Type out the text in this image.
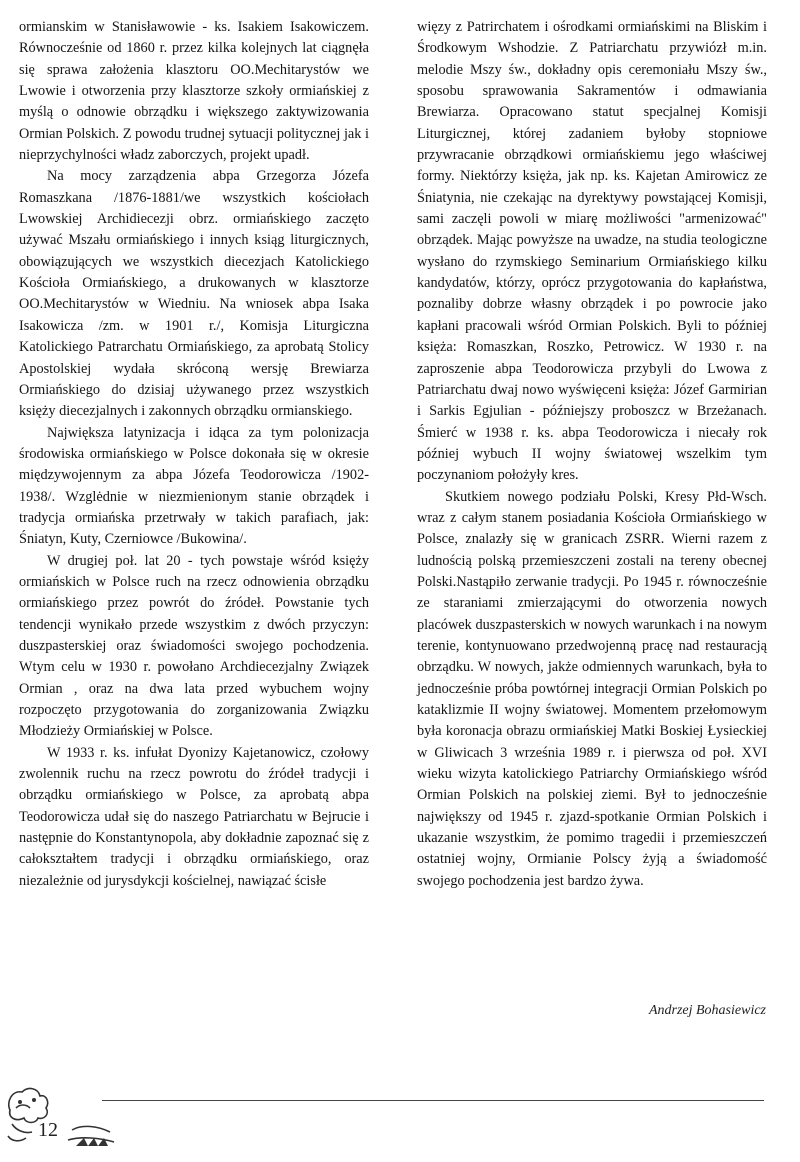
ormianskim w Stanisławowie - ks. Isakiem Isakowiczem. Równocześnie od 1860 r. przez kilka kolejnych lat ciągnęła się sprawa założenia klasztoru OO.Mechitarystów we Lwowie i otworzenia przy klasztorze szkoły ormiańskiej z myślą o odnowie obrządku i większego zaktywizowania Ormian Polskich. Z powodu trudnej sytuacji politycznej jak i nieprzychylności władz zaborczych, projekt upadł.

Na mocy zarządzenia abpa Grzegorza Józefa Romaszkana /1876-1881/we wszystkich kościołach Lwowskiej Archidiecezji obrz. ormiańskiego zaczęto używać Mszału ormiańskiego i innych ksiąg liturgicznych, obowiązujących we wszystkich diecezjach Katolickiego Kościoła Ormiańskiego, a drukowanych w klasztorze OO.Mechitarystów w Wiedniu. Na wniosek abpa Isaka Isakowicza /zm. w 1901 r./, Komisja Liturgiczna Katolickiego Patrarchatu Ormiańskiego, za aprobatą Stolicy Apostolskiej wydała skróconą wersję Brewiarza Ormiańskiego do dzisiaj używanego przez wszystkich księży diecezjalnych i zakonnych obrządku ormianskiego.

Największa latynizacja i idąca za tym polonizacja środowiska ormiańskiego w Polsce dokonała się w okresie międzywojennym za abpa Józefa Teodorowicza /1902-1938/. Wzglėdnie w niezmienionym stanie obrządek i tradycja ormiańska przetrwały w takich parafiach, jak: Śniatyn, Kuty, Czerniowce /Bukowina/.

W drugiej poł. lat 20 - tych powstaje wśród księży ormiańskich w Polsce ruch na rzecz odnowienia obrządku ormiańskiego przez powrót do źródeł. Powstanie tych tendencji wynikało przede wszystkim z dwóch przyczyn: duszpasterskiej oraz świadomości swojego pochodzenia. Wtym celu w 1930 r. powołano Archdiecezjalny Związek Ormian , oraz na dwa lata przed wybuchem wojny rozpoczęto przygotowania do zorganizowania Związku Młodzieży Ormiańskiej w Polsce.

W 1933 r. ks. infułat Dyonizy Kajetanowicz, czołowy zwolennik ruchu na rzecz powrotu do źródeł tradycji i obrządku ormiańskiego w Polsce, za aprobatą abpa Teodorowicza udał się do naszego Patriarchatu w Bejrucie i następnie do Konstantynopola, aby dokładnie zapoznać się z całokształtem tradycji i obrządku ormiańskiego, oraz niezależnie od jurysdykcji kościelnej, nawiązać ścisłe

więzy z Patrirchatem i ośrodkami ormiańskimi na Bliskim i Środkowym Wshodzie. Z Patriarchatu przywiózł m.in. melodie Mszy św., dokładny opis ceremoniału Mszy św., sposobu sprawowania Sakramentów i odmawiania Brewiarza. Opracowano statut specjalnej Komisji Liturgicznej, której zadaniem byłoby stopniowe przywracanie obrządkowi ormiańskiemu jego właściwej formy. Niektórzy księża, jak np. ks. Kajetan Amirowicz ze Śniatynia, nie czekając na dyrektywy powstającej Komisji, sami zaczęli powoli w miarę możliwości "armenizować" obrządek. Mając powyższe na uwadze, na studia teologiczne wysłano do rzymskiego Seminarium Ormiańskiego kilku kandydatów, którzy, oprócz przygotowania do kapłaństwa, poznaliby dobrze własny obrządek i po powrocie jako kapłani pracowali wśród Ormian Polskich. Byli to później księża: Romaszkan, Roszko, Petrowicz. W 1930 r. na zaproszenie abpa Teodorowicza przybyli do Lwowa z Patriarchatu dwaj nowo wyświęceni księża: Józef Garmirian i Sarkis Egjulian - późniejszy proboszcz w Brzeżanach. Śmierć w 1938 r. ks. abpa Teodorowicza i niecały rok później wybuch II wojny światowej wszelkim tym poczynaniom położyły kres.

Skutkiem nowego podziału Polski, Kresy Płd-Wsch. wraz z całym stanem posiadania Kościoła Ormiańskiego w Polsce, znalazły się w granicach ZSRR. Wierni razem z ludnością polską przemieszczeni zostali na tereny obecnej Polski.Nastąpiło zerwanie tradycji. Po 1945 r. równocześnie ze staraniami zmierzającymi do otworzenia nowych placówek duszpasterskich w nowych warunkach i na nowym terenie, kontynuowano przedwojenną pracę nad restauracją obrządku. W nowych, jakże odmiennych warunkach, była to jednocześnie próba powtórnej integracji Ormian Polskich po kataklizmie II wojny światowej. Momentem przełomowym była koronacja obrazu ormiańskiej Matki Boskiej Łysieckiej w Gliwicach 3 września 1989 r. i pierwsza od poł. XVI wieku wizyta katolickiego Patriarchy Ormiańskiego wśród Ormian Polskich na polskiej ziemi. Był to jednocześnie największy od 1945 r. zjazd-spotkanie Ormian Polskich i ukazanie wszystkim, że pomimo tragedii i przemieszczeń ostatniej wojny, Ormianie Polscy żyją a świadomość swojego pochodzenia jest bardzo żywa.

Andrzej Bohasiewicz
12
